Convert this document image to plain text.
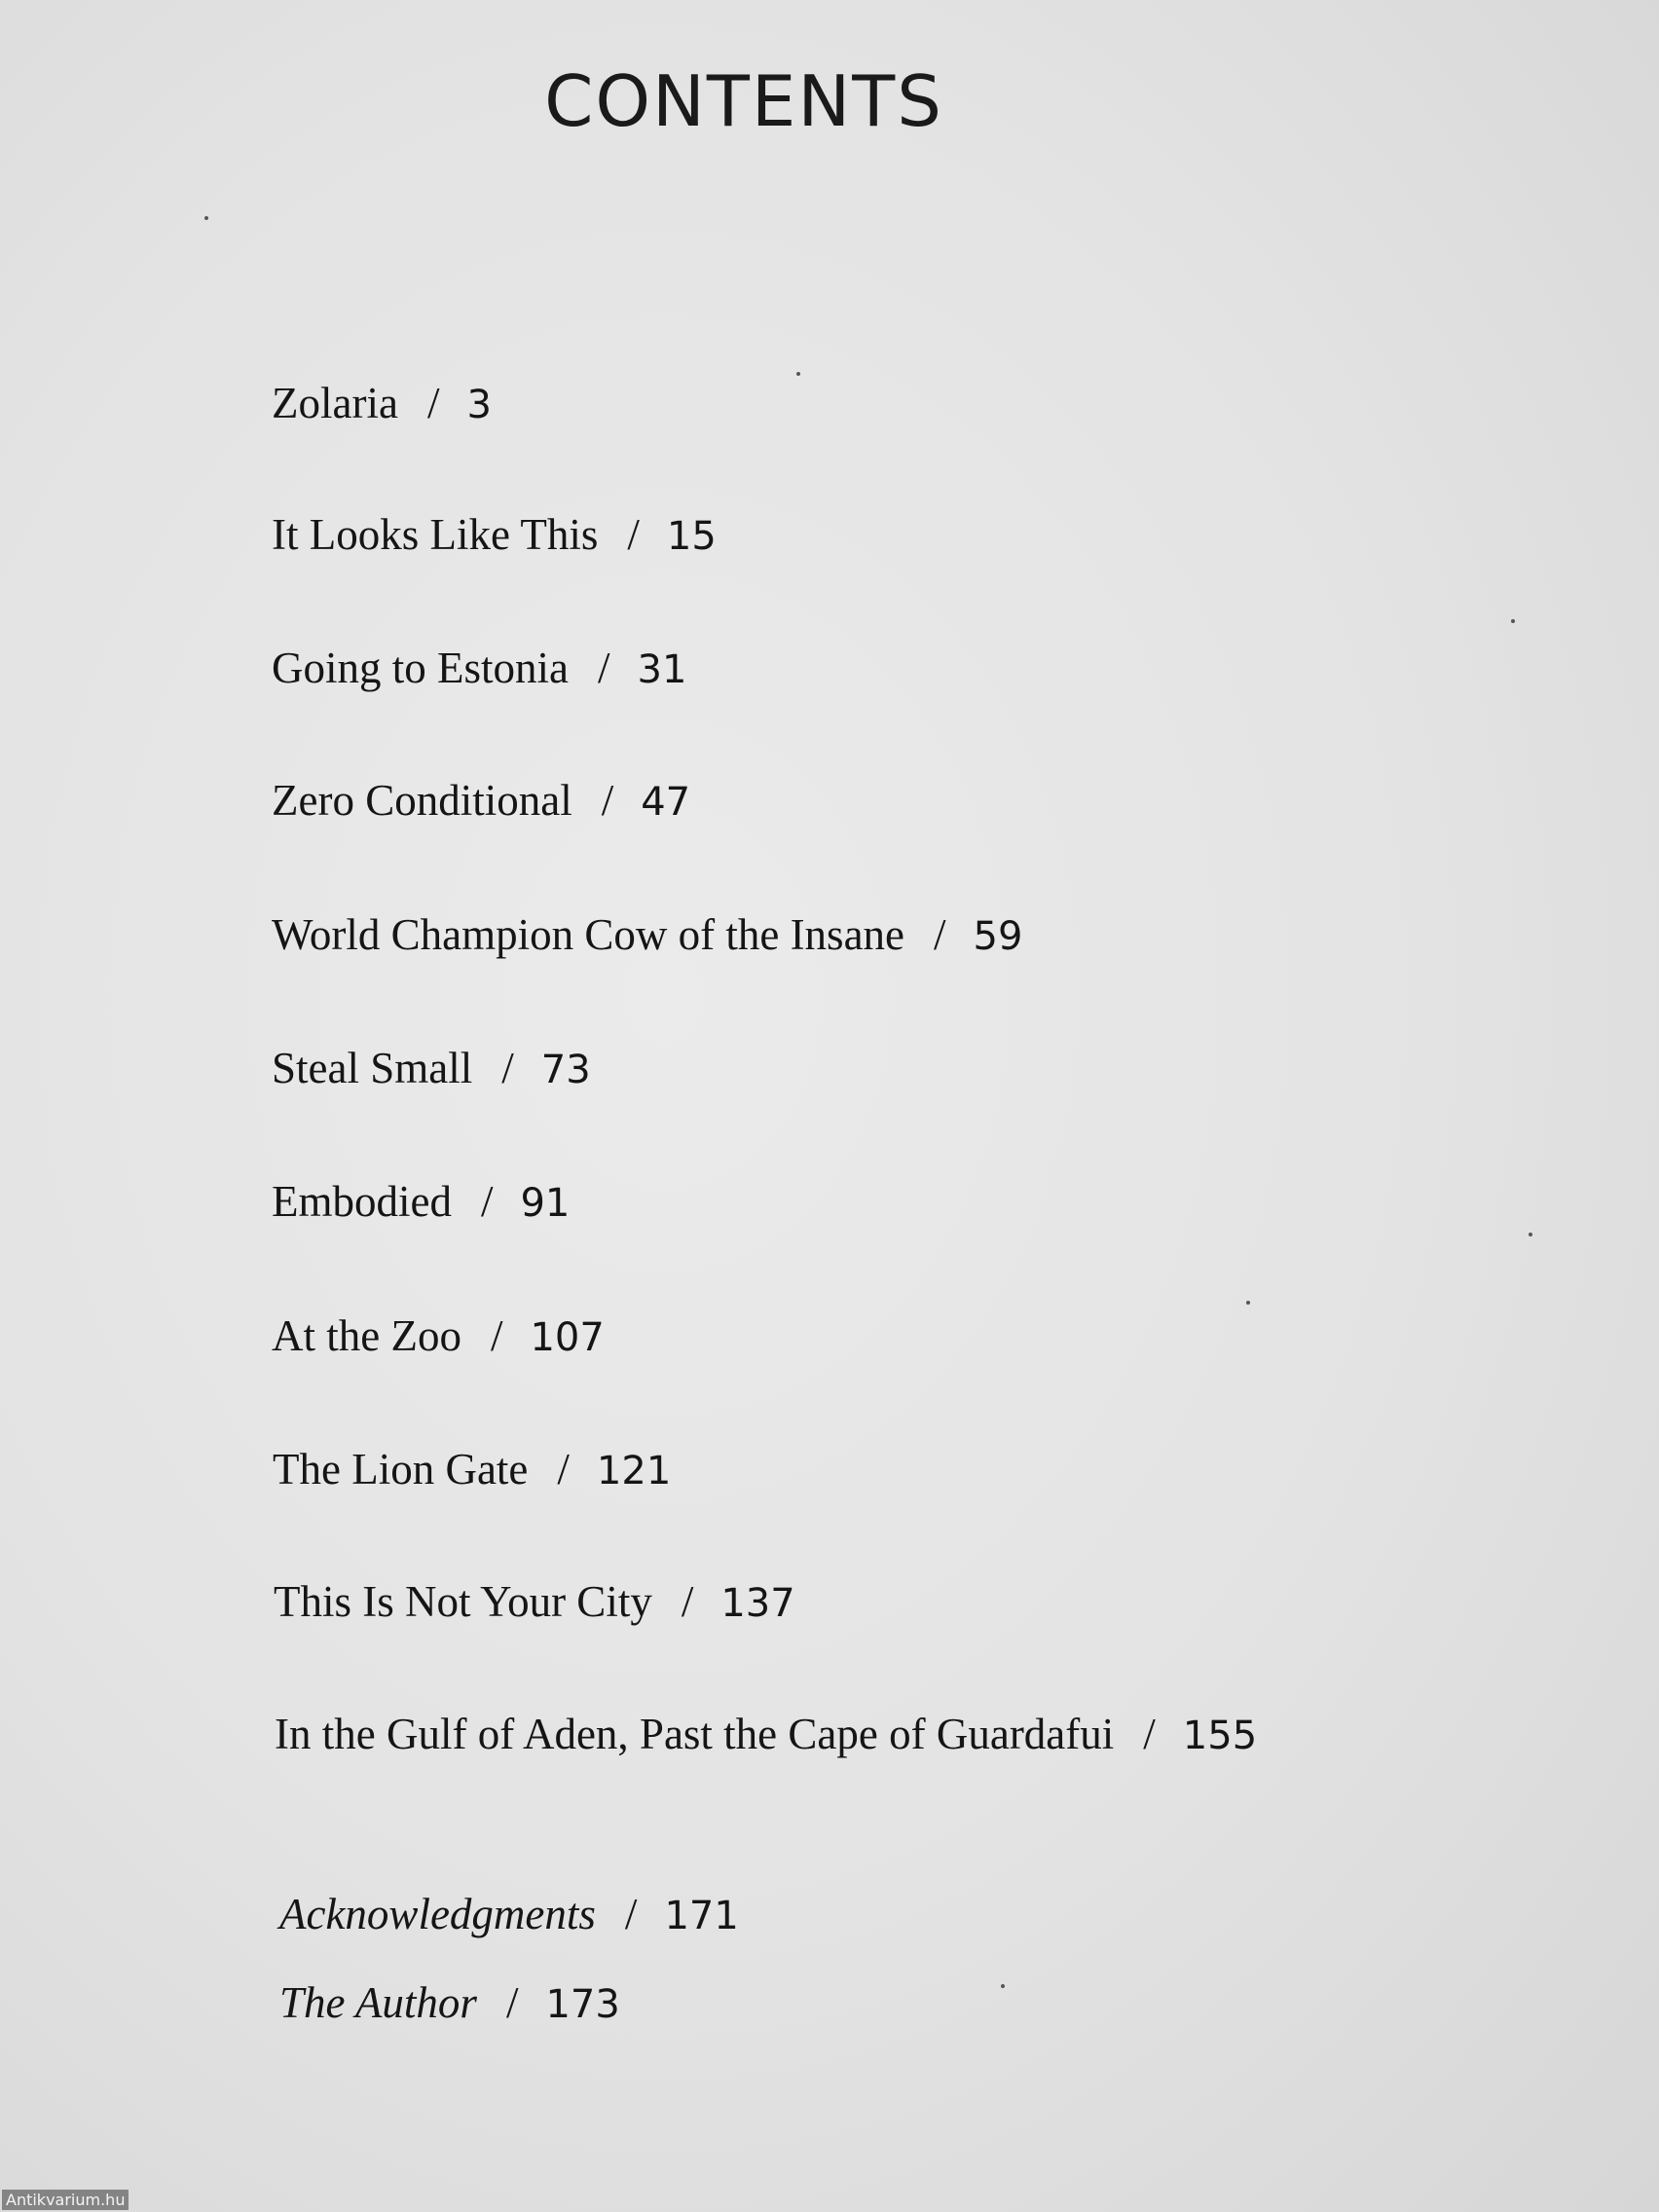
CONTENTS
Zolaria / 3
It Looks Like This / 15
Going to Estonia / 31
Zero Conditional / 47
World Champion Cow of the Insane / 59
Steal Small / 73
Embodied / 91
At the Zoo / 107
The Lion Gate / 121
This Is Not Your City / 137
In the Gulf of Aden, Past the Cape of Guardafui / 155
Acknowledgments / 171
The Author / 173
Antikvarium.hu
